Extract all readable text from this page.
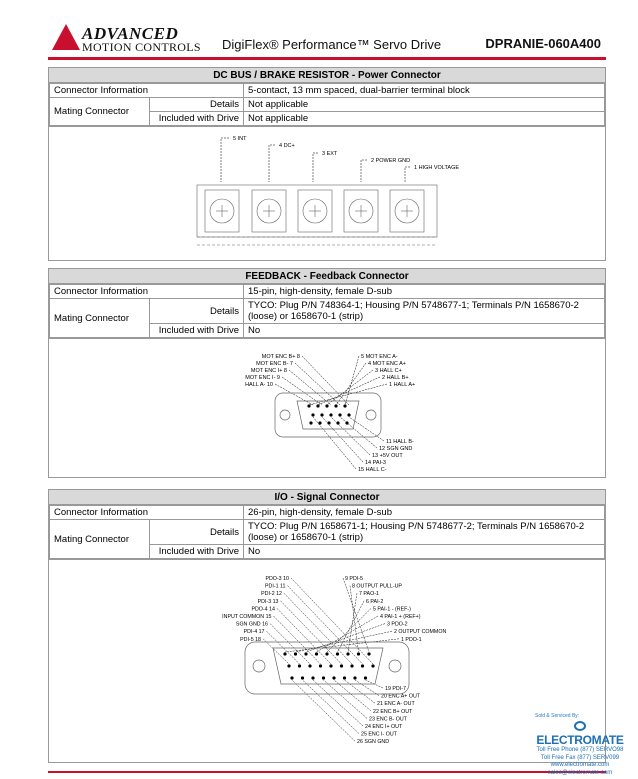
ADVANCED
MOTION CONTROLS DigiFlex® Performance™ Servo Drive	DPRANIE-060A400
DC BUS / BRAKE RESISTOR - Power Connector
Connector Information		5-contact, 13 mm spaced, dual-barrier terminal block
Mating Connector	Details	Not applicable
	Included with Drive	Not applicable
5 INT
4 DC+
3 EXT
2 POWER GND
1 HIGH VOLTAGE
FEEDBACK - Feedback Connector
Connector Information		15-pin, high-density, female D-sub
Mating Connector	Details	TYCO: Plug P/N 748364-1; Housing P/N 5748677-1; Terminals P/N 1658670-2 (loose) or 1658670-1 (strip)
	Included with Drive	No
MOT ENC B+ 8
MOT ENC B- 7
MOT ENC I+ 8
MOT ENC I- 9
HALL A- 10
5 MOT ENC A-
4 MOT ENC A+
3 HALL C+
2 HALL B+
1 HALL A+
11 HALL B-
12 SGN GND
13 +5V OUT
14 PAI-3
15 HALL C-
I/O - Signal Connector
Connector Information		26-pin, high-density, female D-sub
Mating Connector	Details	TYCO: Plug P/N 1658671-1; Housing P/N 5748677-2; Terminals P/N 1658670-2 (loose) or 1658670-1 (strip)
	Included with Drive	No
PDO-3 10
PDI-1 11
PDI-2 12
PDI-3 13
PDO-4 14
INPUT COMMON 15
SGN GND 16
PDI-4 17
PDI-5 18
9 PDI-5
8 OUTPUT PULL-UP
7 PAO-1
6 PAI-2
5 PAI-1 - (REF-)
4 PAI-1 + (REF+)
3 PDO-2
2 OUTPUT COMMON
1 PDO-1
19 PDI-7
20 ENC A+ OUT
21 ENC A- OUT
22 ENC B+ OUT
23 ENC B- OUT
24 ENC I+ OUT
25 ENC I- OUT
26 SGN GND
Sold & Serviced By:
ELECTROMATE
Toll Free Phone (877) SERVO98
Toll Free Fax (877) SERV099
www.electromate.com
sales@electromate.com
